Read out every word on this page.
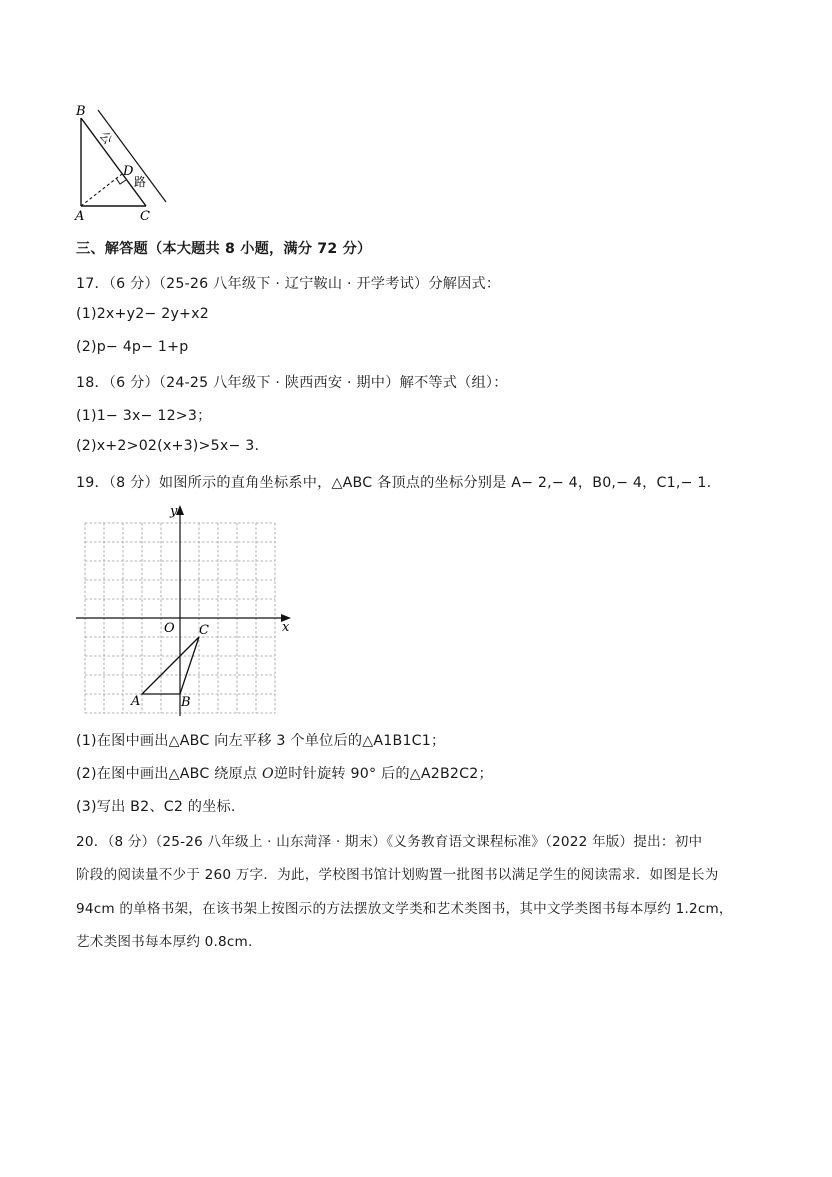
B
A	C
D
公
路
三、解答题（本大题共 8 小题，满分 72 分）
17．（6 分）（25-26 八年级下 · 辽宁鞍山 · 开学考试）分解因式：
(1)2x+y2− 2y+x2
(2)p− 4p− 1+p
18．（6 分）（24-25 八年级下 · 陕西西安 · 期中）解不等式（组）：
(1)1− 3x− 12>3；
(2)x+2>02(x+3)>5x− 3.
19．（8 分）如图所示的直角坐标系中，△ABC 各顶点的坐标分别是 A− 2,− 4，B0,− 4，C1,− 1.
y
x
O
A	B
C
(1)在图中画出△ABC 向左平移 3 个单位后的△A1B1C1；
(2)在图中画出△ABC 绕原点 O逆时针旋转 90° 后的△A2B2C2；
(3)写出 B2、C2 的坐标.
20．（8 分）（25-26 八年级上 · 山东菏泽 · 期末）《义务教育语文课程标准》（2022 年版）提出：初中
阶段的阅读量不少于 260 万字．为此，学校图书馆计划购置一批图书以满足学生的阅读需求．如图是长为
94cm 的单格书架，在该书架上按图示的方法摆放文学类和艺术类图书，其中文学类图书每本厚约 1.2cm，
艺术类图书每本厚约 0.8cm.
